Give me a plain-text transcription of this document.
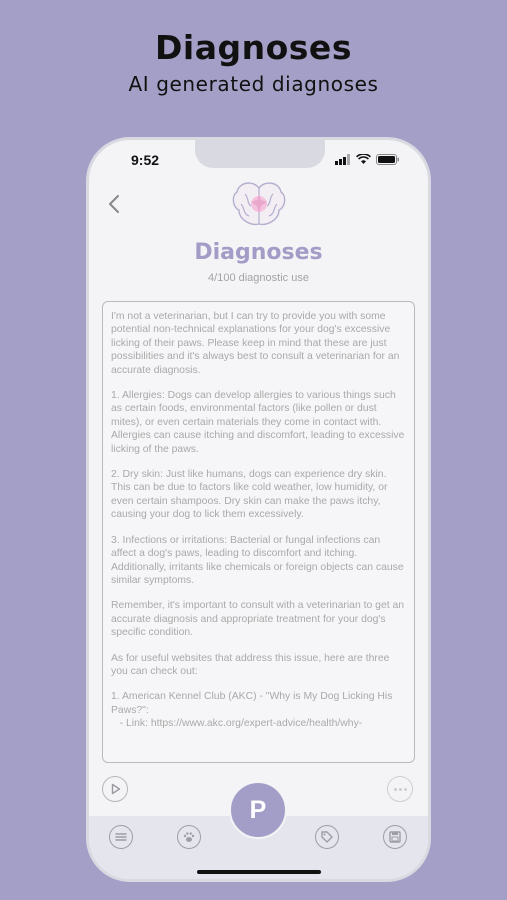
Diagnoses
AI generated diagnoses
9:52
Diagnoses
4/100 diagnostic use

I'm not a veterinarian, but I can try to provide you with some potential non-technical explanations for your dog's excessive licking of their paws. Please keep in mind that these are just possibilities and it's always best to consult a veterinarian for an accurate diagnosis.

1. Allergies: Dogs can develop allergies to various things such as certain foods, environmental factors (like pollen or dust mites), or even certain materials they come in contact with. Allergies can cause itching and discomfort, leading to excessive licking of the paws.

2. Dry skin: Just like humans, dogs can experience dry skin. This can be due to factors like cold weather, low humidity, or even certain shampoos. Dry skin can make the paws itchy, causing your dog to lick them excessively.

3. Infections or irritations: Bacterial or fungal infections can affect a dog's paws, leading to discomfort and itching. Additionally, irritants like chemicals or foreign objects can cause similar symptoms.

Remember, it's important to consult with a veterinarian to get an accurate diagnosis and appropriate treatment for your dog's specific condition.

As for useful websites that address this issue, here are three you can check out:

1. American Kennel Club (AKC) - "Why is My Dog Licking His Paws?":
- Link: https://www.akc.org/expert-advice/health/why-

P
